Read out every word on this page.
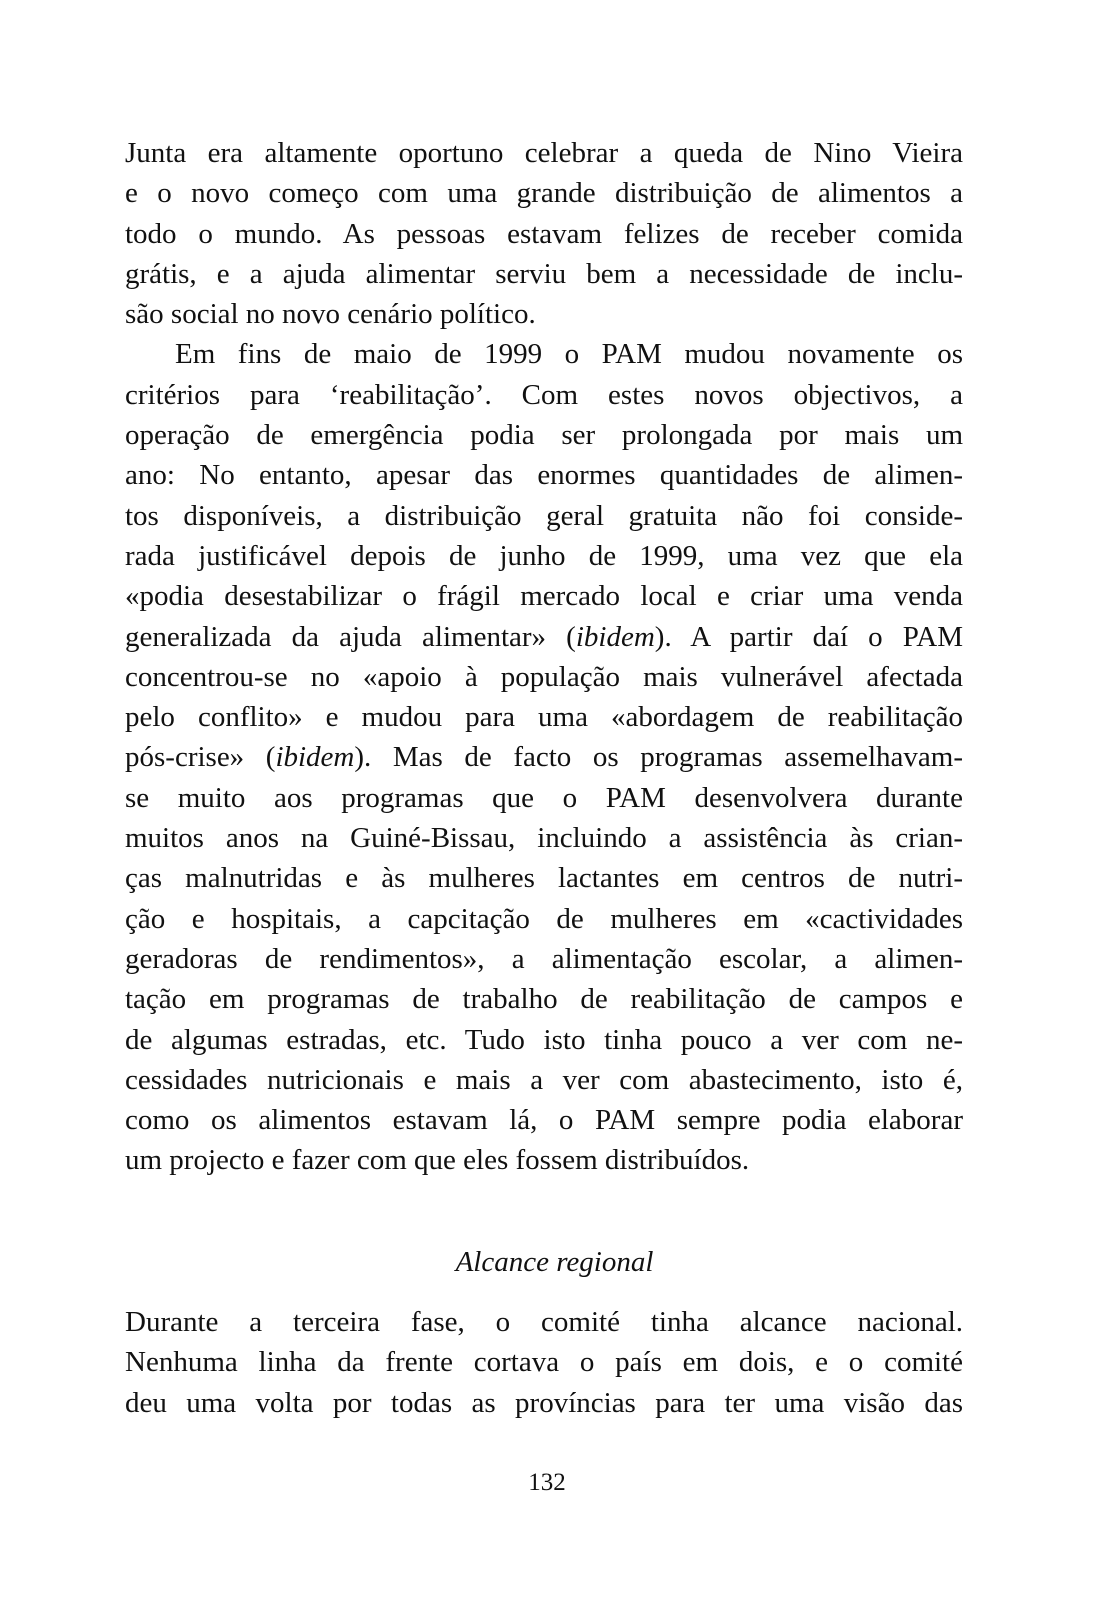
Junta era altamente oportuno celebrar a queda de Nino Vieira
e o novo começo com uma grande distribuição de alimentos a
todo o mundo. As pessoas estavam felizes de receber comida
grátis, e a ajuda alimentar serviu bem a necessidade de inclu-
são social no novo cenário político.
Em fins de maio de 1999 o PAM mudou novamente os
critérios para ‘reabilitação’. Com estes novos objectivos, a
operação de emergência podia ser prolongada por mais um
ano: No entanto, apesar das enormes quantidades de alimen-
tos disponíveis, a distribuição geral gratuita não foi conside-
rada justificável depois de junho de 1999, uma vez que ela
«podia desestabilizar o frágil mercado local e criar uma venda
generalizada da ajuda alimentar» (ibidem). A partir daí o PAM
concentrou-se no «apoio à população mais vulnerável afectada
pelo conflito» e mudou para uma «abordagem de reabilitação
pós-crise» (ibidem). Mas de facto os programas assemelhavam-
se muito aos programas que o PAM desenvolvera durante
muitos anos na Guiné-Bissau, incluindo a assistência às crian-
ças malnutridas e às mulheres lactantes em centros de nutri-
ção e hospitais, a capcitação de mulheres em «cactividades
geradoras de rendimentos», a alimentação escolar, a alimen-
tação em programas de trabalho de reabilitação de campos e
de algumas estradas, etc. Tudo isto tinha pouco a ver com ne-
cessidades nutricionais e mais a ver com abastecimento, isto é,
como os alimentos estavam lá, o PAM sempre podia elaborar
um projecto e fazer com que eles fossem distribuídos.
Alcance regional
Durante a terceira fase, o comité tinha alcance nacional.
Nenhuma linha da frente cortava o país em dois, e o comité
deu uma volta por todas as províncias para ter uma visão das
132
